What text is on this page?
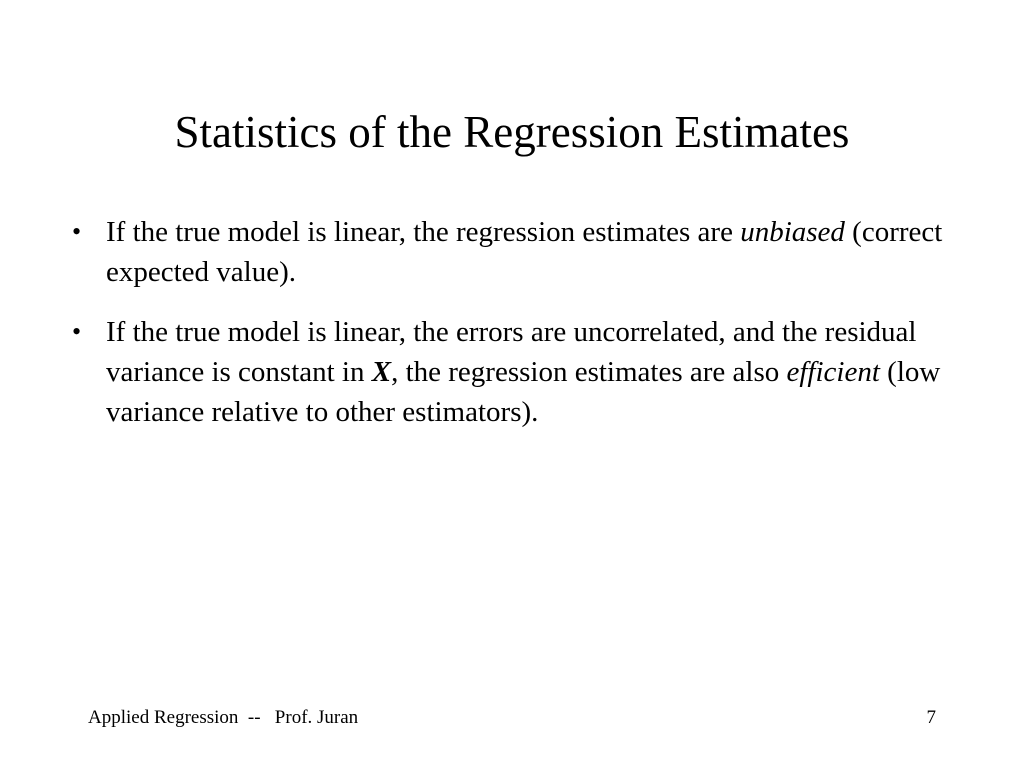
Statistics of the Regression Estimates
• If the true model is linear, the regression estimates are unbiased (correct expected value).
• If the true model is linear, the errors are uncorrelated, and the residual variance is constant in X, the regression estimates are also efficient (low variance relative to other estimators).
Applied Regression  --   Prof. Juran	7
